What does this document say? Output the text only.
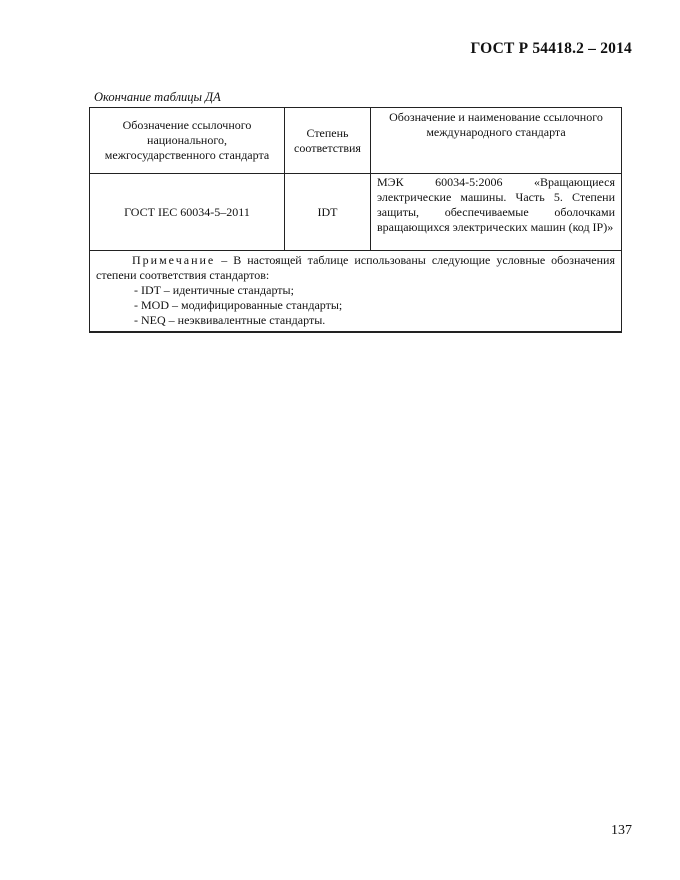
ГОСТ Р 54418.2 – 2014
Окончание таблицы ДА
Обозначение ссылочного национального, межгосударственного стандарта	Степень соответствия	Обозначение и наименование ссылочного международного стандарта
ГОСТ IEC 60034-5–2011	IDT	МЭК 60034-5:2006 «Вращающиеся электрические машины. Часть 5. Степени защиты, обеспечиваемые оболочками вращающихся электрических машин (код IP)»

Примечание – В настоящей таблице использованы следующие условные обозначения степени соответствия стандартов:
- IDT – идентичные стандарты;
- MOD – модифицированные стандарты;
- NEQ – неэквивалентные стандарты.		
137
